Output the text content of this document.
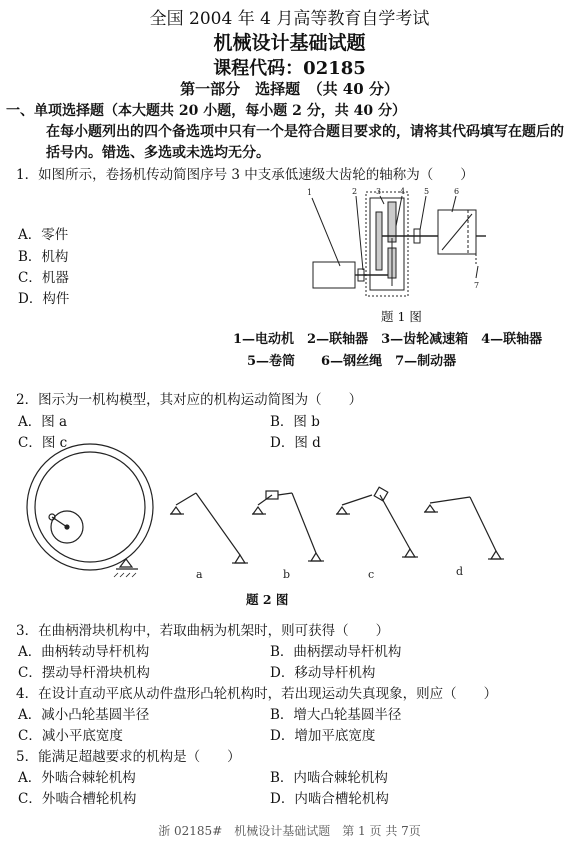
全国 2004 年 4 月高等教育自学考试
机械设计基础试题
课程代码：02185
第一部分　选择题　（共 40 分）
一、单项选择题（本大题共 20 小题，每小题 2 分，共 40 分）
在每小题列出的四个备选项中只有一个是符合题目要求的，请将其代码填写在题后的
括号内。错选、多选或未选均无分。
1．如图所示，卷扬机传动简图序号 3 中支承低速级大齿轮的轴称为（　　）
A．零件
B．机构
C．机器
D．构件
1	2 3 4 5	6
7
题 1 图
1—电动机　2—联轴器　3—齿轮减速箱　4—联轴器
5—卷筒　　6—钢丝绳　7—制动器
2．图示为一机构模型，其对应的机构运动简图为（　　）
A．图 a	B．图 b
C．图 c	D．图 d
a	b	c	d
题 2 图
3．在曲柄滑块机构中，若取曲柄为机架时，则可获得（　　）
A．曲柄转动导杆机构	B．曲柄摆动导杆机构
C．摆动导杆滑块机构	D．移动导杆机构
4．在设计直动平底从动件盘形凸轮机构时，若出现运动失真现象，则应（　　）
A．减小凸轮基圆半径	B．增大凸轮基圆半径
C．减小平底宽度	D．增加平底宽度
5．能满足超越要求的机构是（　　）
A．外啮合棘轮机构	B．内啮合棘轮机构
C．外啮合槽轮机构	D．内啮合槽轮机构
浙 02185#　机械设计基础试题　第 1 页 共 7页
